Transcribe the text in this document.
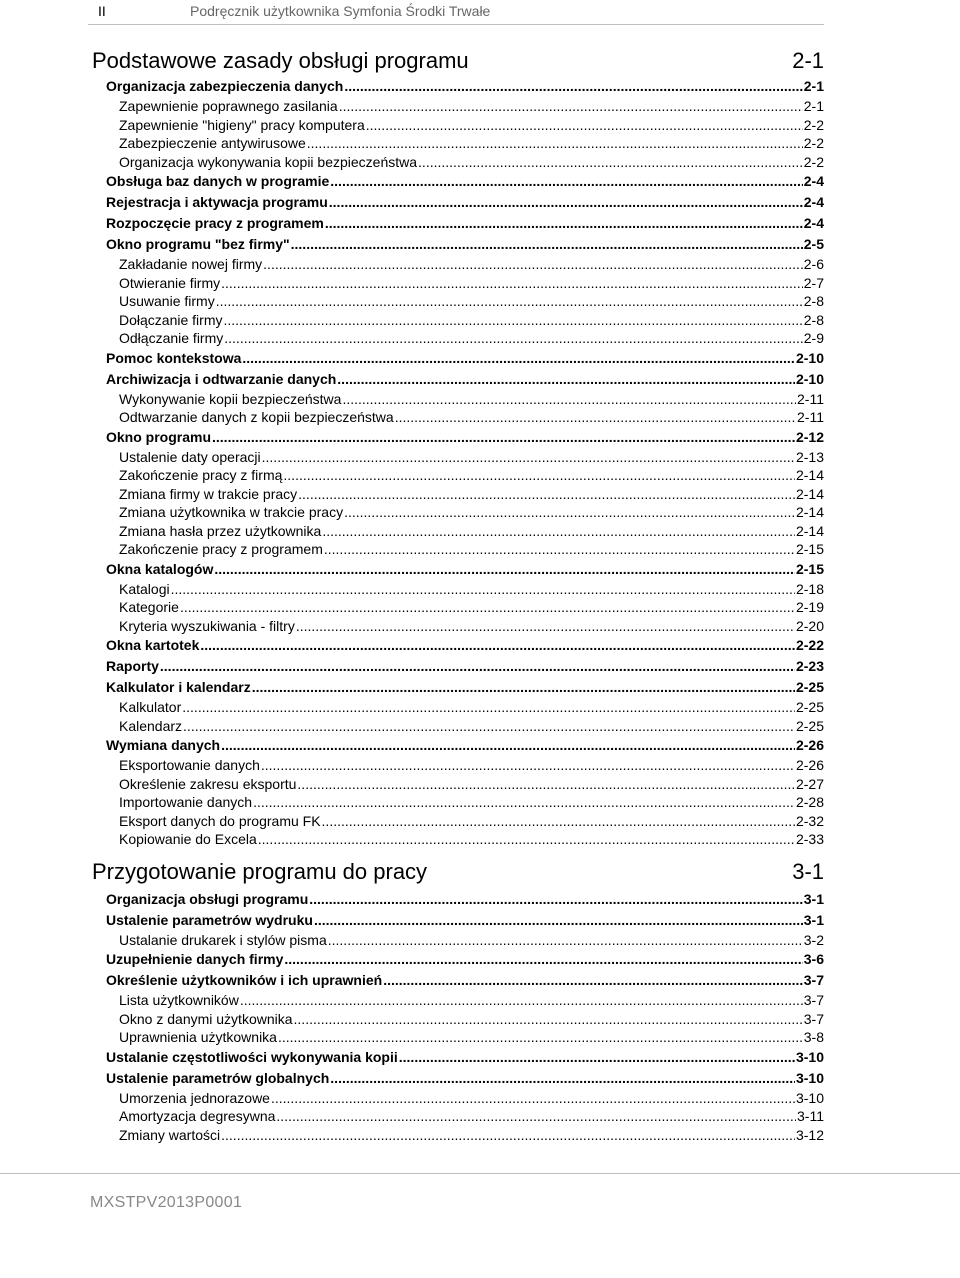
II	Podręcznik użytkownika Symfonia Środki Trwałe
Podstawowe zasady obsługi programu	2-1
Organizacja zabezpieczenia danych .....	2-1
Zapewnienie poprawnego zasilania .....	2-1
Zapewnienie "higieny" pracy komputera .....	2-2
Zabezpieczenie antywirusowe .....	2-2
Organizacja wykonywania kopii bezpieczeństwa .....	2-2
Obsługa baz danych w programie .....	2-4
Rejestracja i aktywacja programu .....	2-4
Rozpoczęcie pracy z programem .....	2-4
Okno programu "bez firmy" .....	2-5
Zakładanie nowej firmy .....	2-6
Otwieranie firmy .....	2-7
Usuwanie firmy .....	2-8
Dołączanie firmy .....	2-8
Odłączanie firmy .....	2-9
Pomoc kontekstowa .....	2-10
Archiwizacja i odtwarzanie danych .....	2-10
Wykonywanie kopii bezpieczeństwa .....	2-11
Odtwarzanie danych z kopii bezpieczeństwa .....	2-11
Okno programu .....	2-12
Ustalenie daty operacji .....	2-13
Zakończenie pracy z firmą .....	2-14
Zmiana firmy w trakcie pracy .....	2-14
Zmiana użytkownika w trakcie pracy .....	2-14
Zmiana hasła przez użytkownika .....	2-14
Zakończenie pracy z programem .....	2-15
Okna katalogów .....	2-15
Katalogi .....	2-18
Kategorie .....	2-19
Kryteria wyszukiwania - filtry .....	2-20
Okna kartotek .....	2-22
Raporty .....	2-23
Kalkulator i kalendarz .....	2-25
Kalkulator .....	2-25
Kalendarz .....	2-25
Wymiana danych .....	2-26
Eksportowanie danych .....	2-26
Określenie zakresu eksportu .....	2-27
Importowanie danych .....	2-28
Eksport danych do programu FK .....	2-32
Kopiowanie do Excela .....	2-33
Przygotowanie programu do pracy	3-1
Organizacja obsługi programu .....	3-1
Ustalenie parametrów wydruku .....	3-1
Ustalanie drukarek i stylów pisma .....	3-2
Uzupełnienie danych firmy .....	3-6
Określenie użytkowników i ich uprawnień .....	3-7
Lista użytkowników .....	3-7
Okno z danymi użytkownika .....	3-7
Uprawnienia użytkownika .....	3-8
Ustalanie częstotliwości wykonywania kopii .....	3-10
Ustalenie parametrów globalnych .....	3-10
Umorzenia jednorazowe .....	3-10
Amortyzacja degresywna .....	3-11
Zmiany wartości .....	3-12
MXSTPV2013P0001
